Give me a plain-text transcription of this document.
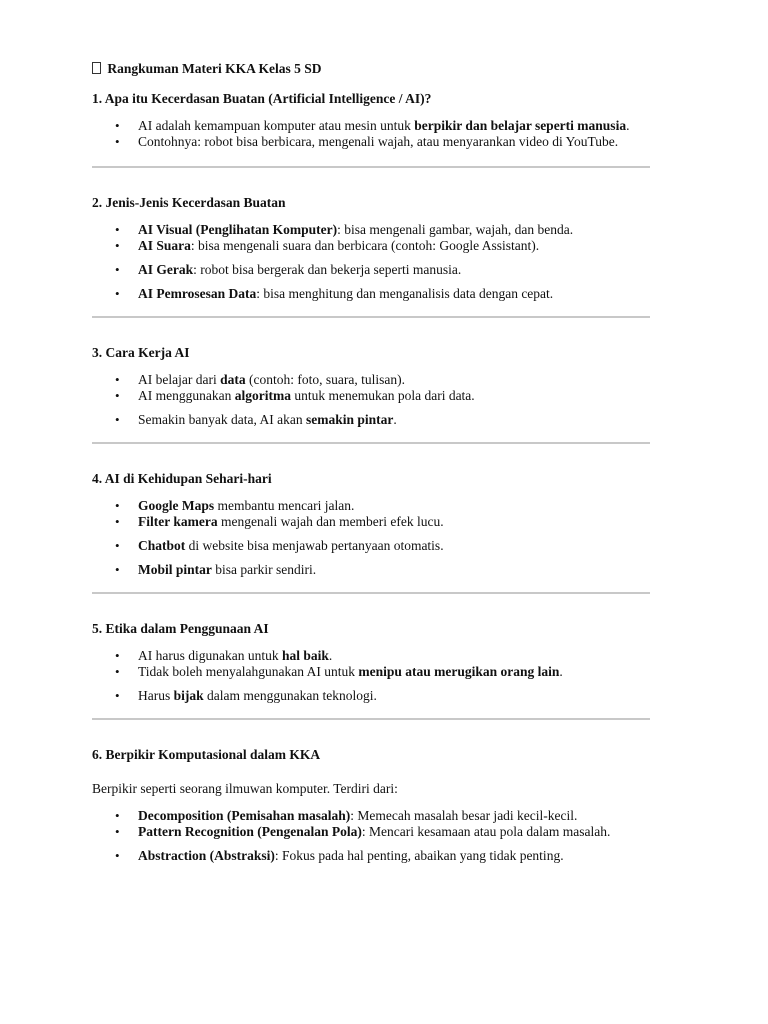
Rangkuman Materi KKA Kelas 5 SD

1. Apa itu Kecerdasan Buatan (Artificial Intelligence / AI)?

• AI adalah kemampuan komputer atau mesin untuk berpikir dan belajar seperti manusia.
• Contohnya: robot bisa berbicara, mengenali wajah, atau menyarankan video di YouTube.

2. Jenis-Jenis Kecerdasan Buatan

• AI Visual (Penglihatan Komputer): bisa mengenali gambar, wajah, dan benda.
• AI Suara: bisa mengenali suara dan berbicara (contoh: Google Assistant).
• AI Gerak: robot bisa bergerak dan bekerja seperti manusia.
• AI Pemrosesan Data: bisa menghitung dan menganalisis data dengan cepat.

3. Cara Kerja AI

• AI belajar dari data (contoh: foto, suara, tulisan).
• AI menggunakan algoritma untuk menemukan pola dari data.
• Semakin banyak data, AI akan semakin pintar.

4. AI di Kehidupan Sehari-hari

• Google Maps membantu mencari jalan.
• Filter kamera mengenali wajah dan memberi efek lucu.
• Chatbot di website bisa menjawab pertanyaan otomatis.
• Mobil pintar bisa parkir sendiri.

5. Etika dalam Penggunaan AI

• AI harus digunakan untuk hal baik.
• Tidak boleh menyalahgunakan AI untuk menipu atau merugikan orang lain.
• Harus bijak dalam menggunakan teknologi.

6. Berpikir Komputasional dalam KKA

Berpikir seperti seorang ilmuwan komputer. Terdiri dari:

• Decomposition (Pemisahan masalah): Memecah masalah besar jadi kecil-kecil.
• Pattern Recognition (Pengenalan Pola): Mencari kesamaan atau pola dalam masalah.
• Abstraction (Abstraksi): Fokus pada hal penting, abaikan yang tidak penting.
